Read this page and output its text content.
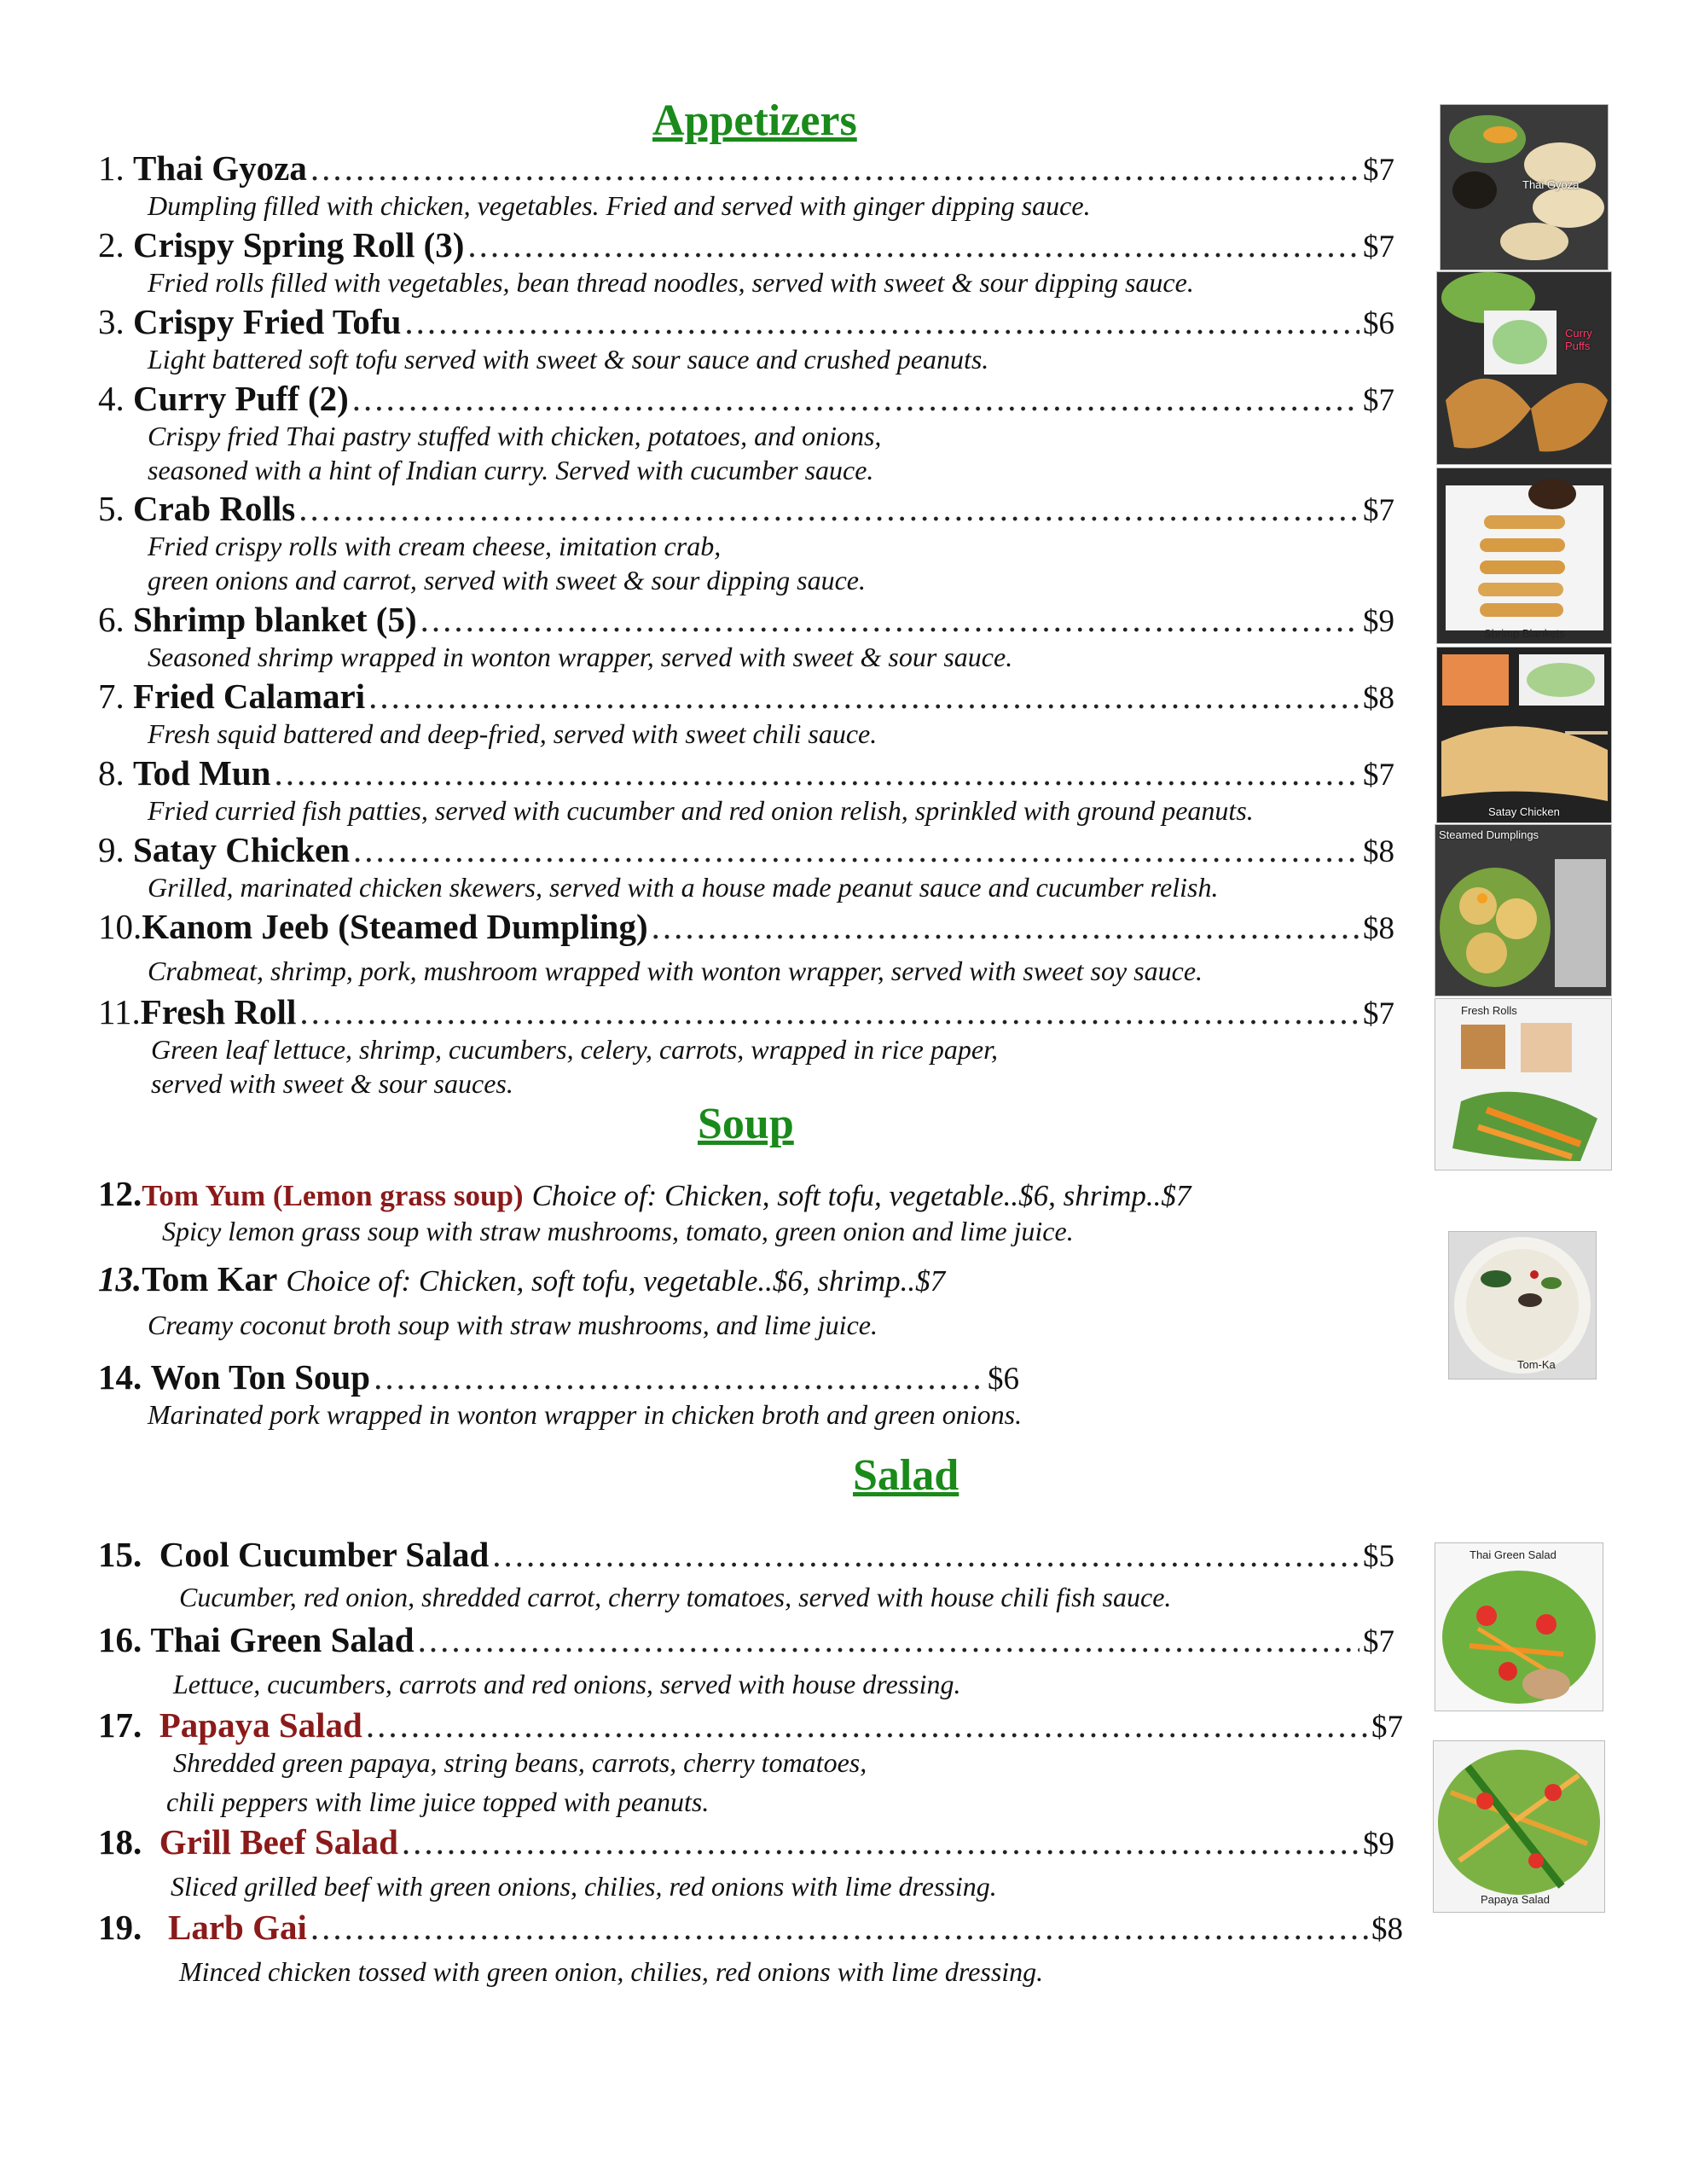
Appetizers
Soup
Salad
1.
Thai Gyoza .....	$7
Dumpling filled with chicken, vegetables. Fried and served with ginger dipping sauce.
2.
Crispy Spring Roll (3) .....	$7
Fried rolls filled with vegetables, bean thread noodles, served with sweet & sour dipping sauce.
3.
Crispy Fried Tofu .....	$6
Light battered soft tofu served with sweet & sour sauce and crushed peanuts.
4.
Curry Puff (2) .....	$7
Crispy fried Thai pastry stuffed with chicken, potatoes, and onions,
seasoned with a hint of Indian curry. Served with cucumber sauce.
5.
Crab Rolls .....	$7
Fried crispy rolls with cream cheese, imitation crab,
green onions and carrot, served with sweet & sour dipping sauce.
6.
Shrimp blanket (5) .....	$9
Seasoned shrimp wrapped in wonton wrapper, served with sweet & sour sauce.
7.
Fried Calamari .....	$8
Fresh squid battered and deep-fried, served with sweet chili sauce.
8.
Tod Mun .....	$7
Fried curried fish patties, served with cucumber and red onion relish, sprinkled with ground peanuts.
9.
Satay Chicken .....	$8
Grilled, marinated chicken skewers, served with a house made peanut sauce and cucumber relish.
10. Kanom Jeeb (Steamed Dumpling) .....	$8
Crabmeat, shrimp, pork, mushroom wrapped with wonton wrapper, served with sweet soy sauce.
11. Fresh Roll .....	$7
Green leaf lettuce, shrimp, cucumbers, celery, carrots, wrapped in rice paper,
served with sweet & sour sauces.
12. Tom Yum (Lemon grass soup) Choice of: Chicken, soft tofu, vegetable..$6, shrimp..$7
Spicy lemon grass soup with straw mushrooms, tomato, green onion and lime juice.
13. Tom Kar Choice of: Chicken, soft tofu, vegetable..$6, shrimp..$7
Creamy coconut broth soup with straw mushrooms, and lime juice.
14.
Won Ton Soup .....	$6
Marinated pork wrapped in wonton wrapper in chicken broth and green onions.
15.
Cool Cucumber Salad .....	$5
Cucumber, red onion, shredded carrot, cherry tomatoes, served with house chili fish sauce.
16.
Thai Green Salad .....	$7
Lettuce, cucumbers, carrots and red onions, served with house dressing.
17.
Papaya Salad .....	$7
Shredded green papaya, string beans, carrots, cherry tomatoes,
chili peppers with lime juice topped with peanuts.
18.
Grill Beef Salad .....	$9
Sliced grilled beef with green onions, chilies, red onions with lime dressing.
19.
Larb Gai .....	$8
Minced chicken tossed with green onion, chilies, red onions with lime dressing.
Thai Gyoza
Curry Puffs
Shrimp Blankets
Satay Chicken
Steamed Dumplings
Fresh Rolls
Tom-Ka
Thai Green Salad
Papaya Salad
